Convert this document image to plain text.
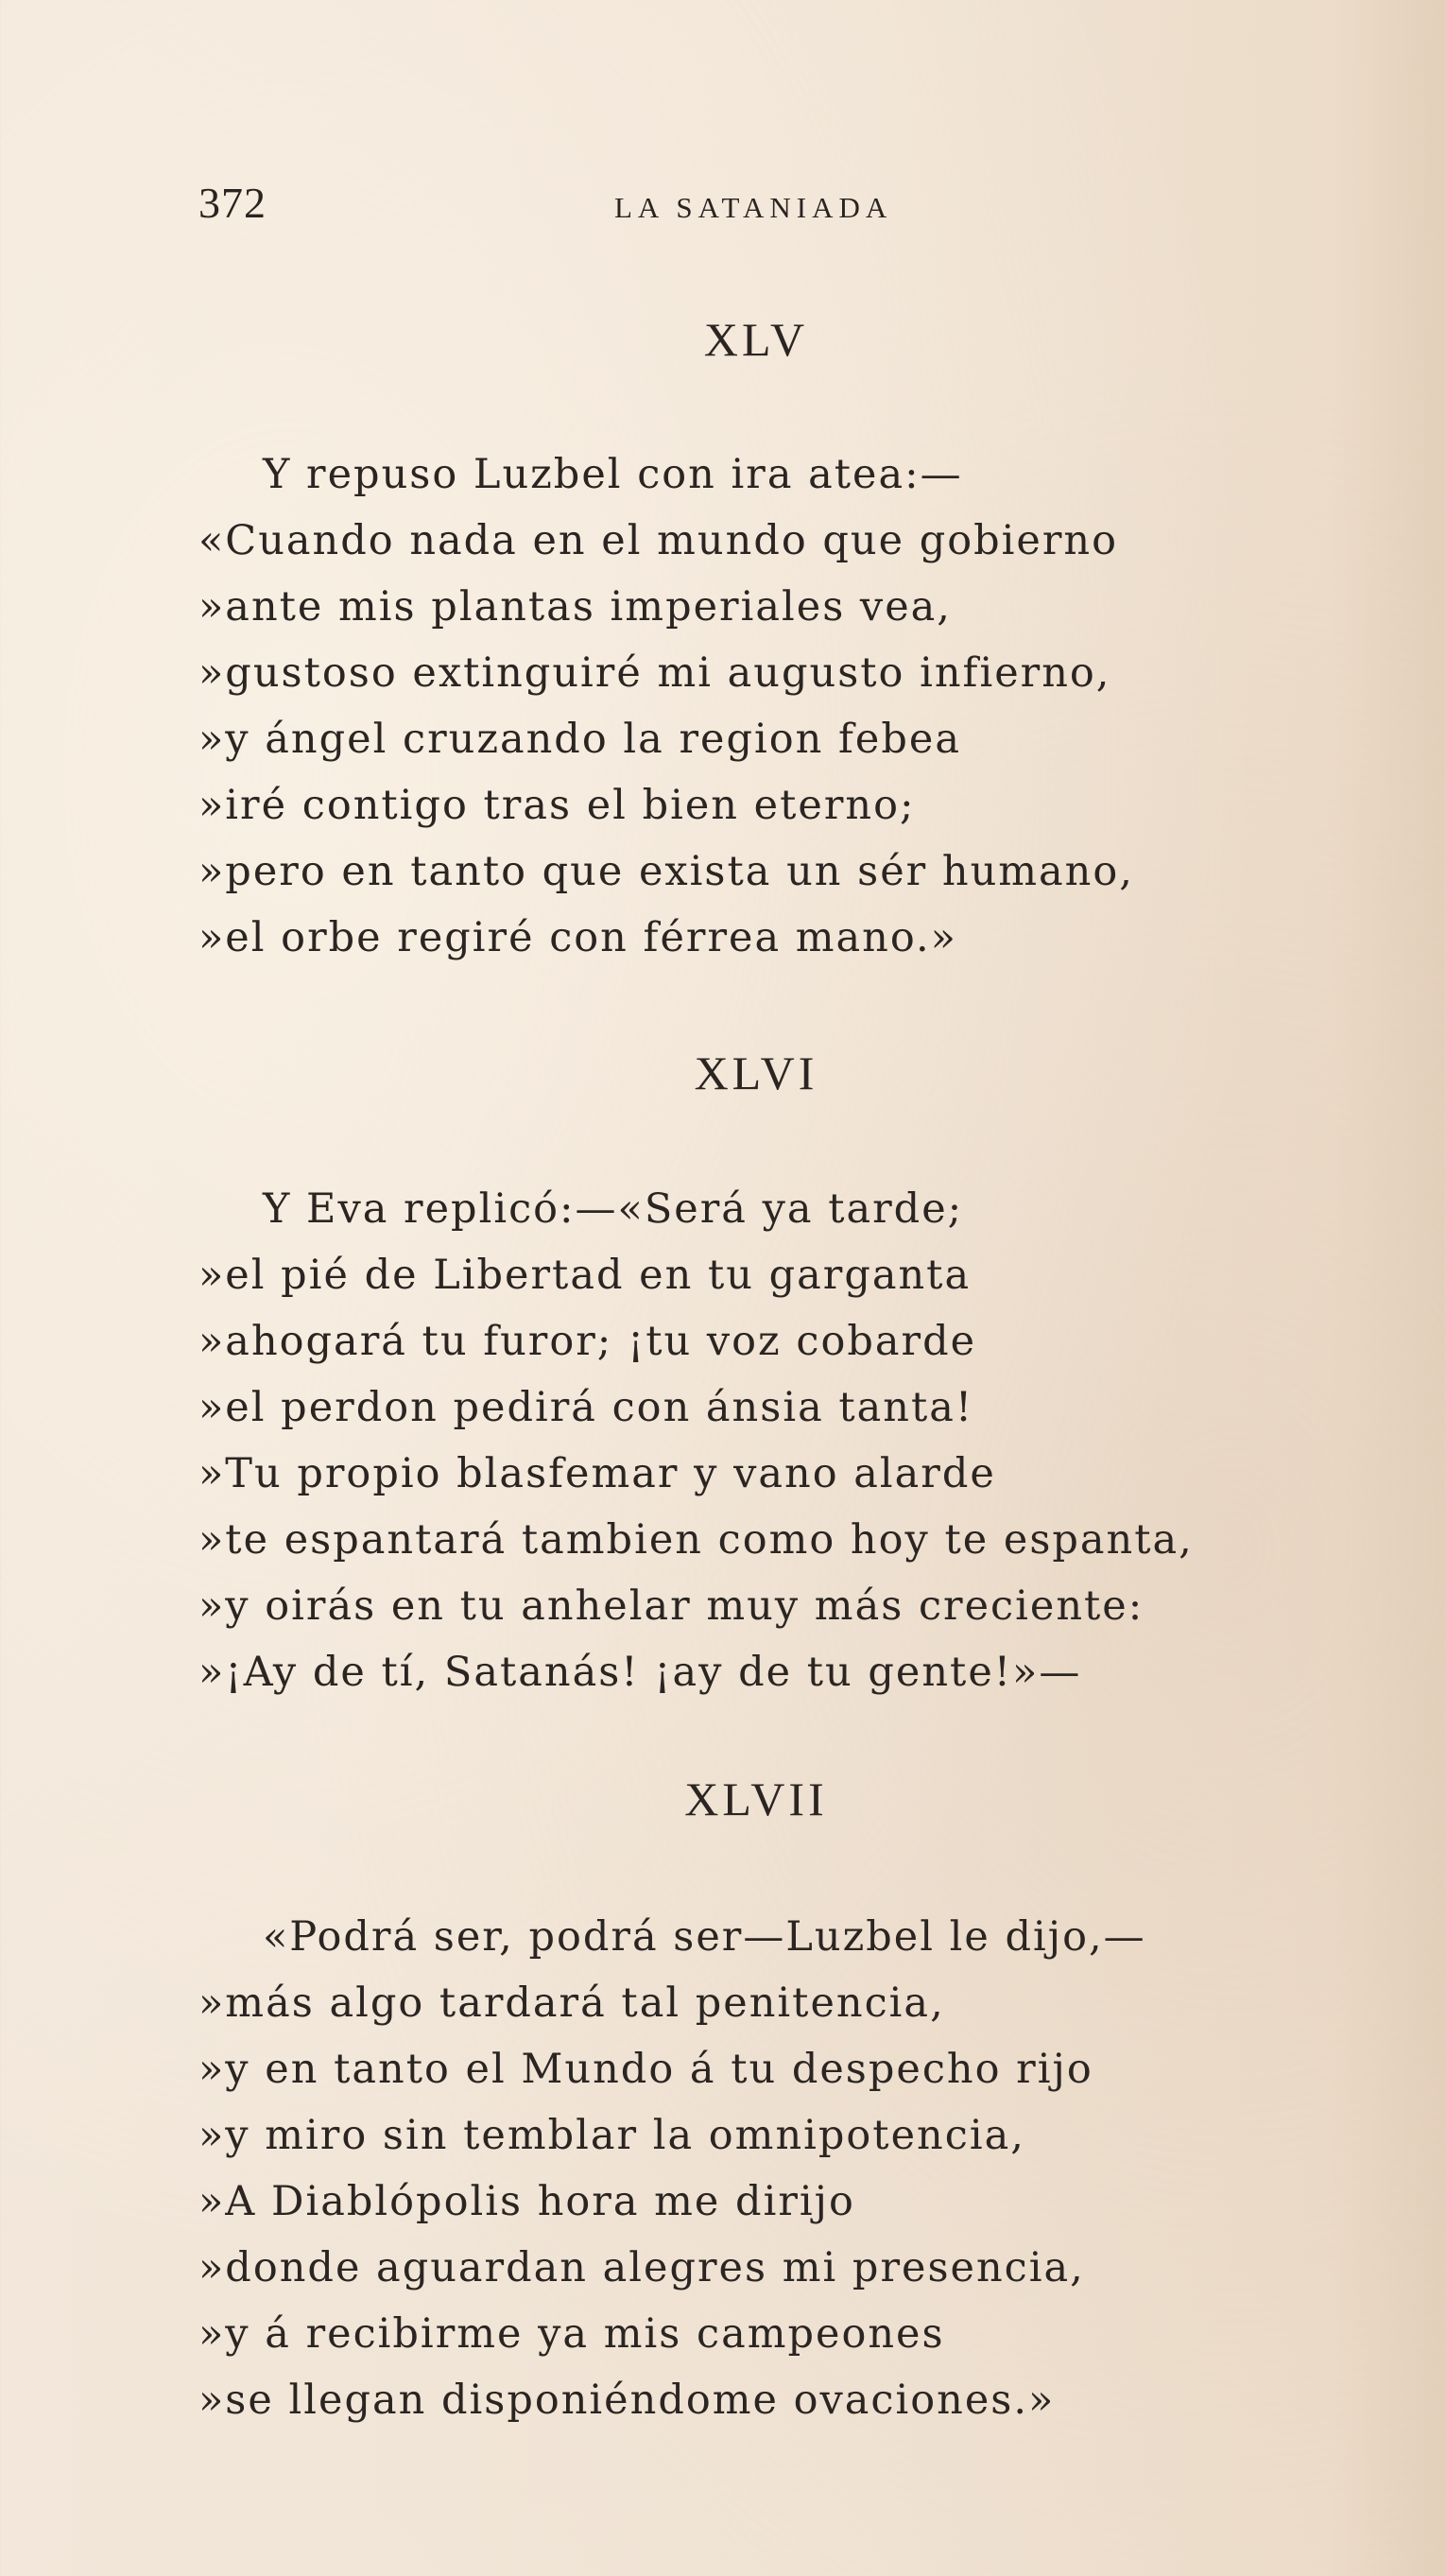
372	LA SATANIADA
XLV
Y repuso Luzbel con ira atea:—
«Cuando nada en el mundo que gobierno
»ante mis plantas imperiales vea,
»gustoso extinguiré mi augusto infierno,
»y ángel cruzando la region febea
»iré contigo tras el bien eterno;
»pero en tanto que exista un sér humano,
»el orbe regiré con férrea mano.»
XLVI
Y Eva replicó:—«Será ya tarde;
»el pié de Libertad en tu garganta
»ahogará tu furor; ¡tu voz cobarde
»el perdon pedirá con ánsia tanta!
»Tu propio blasfemar y vano alarde
»te espantará tambien como hoy te espanta,
»y oirás en tu anhelar muy más creciente:
»¡Ay de tí, Satanás! ¡ay de tu gente!»—
XLVII
«Podrá ser, podrá ser—Luzbel le dijo,—
»más algo tardará tal penitencia,
»y en tanto el Mundo á tu despecho rijo
»y miro sin temblar la omnipotencia,
»A Diablópolis hora me dirijo
»donde aguardan alegres mi presencia,
»y á recibirme ya mis campeones
»se llegan disponiéndome ovaciones.»
